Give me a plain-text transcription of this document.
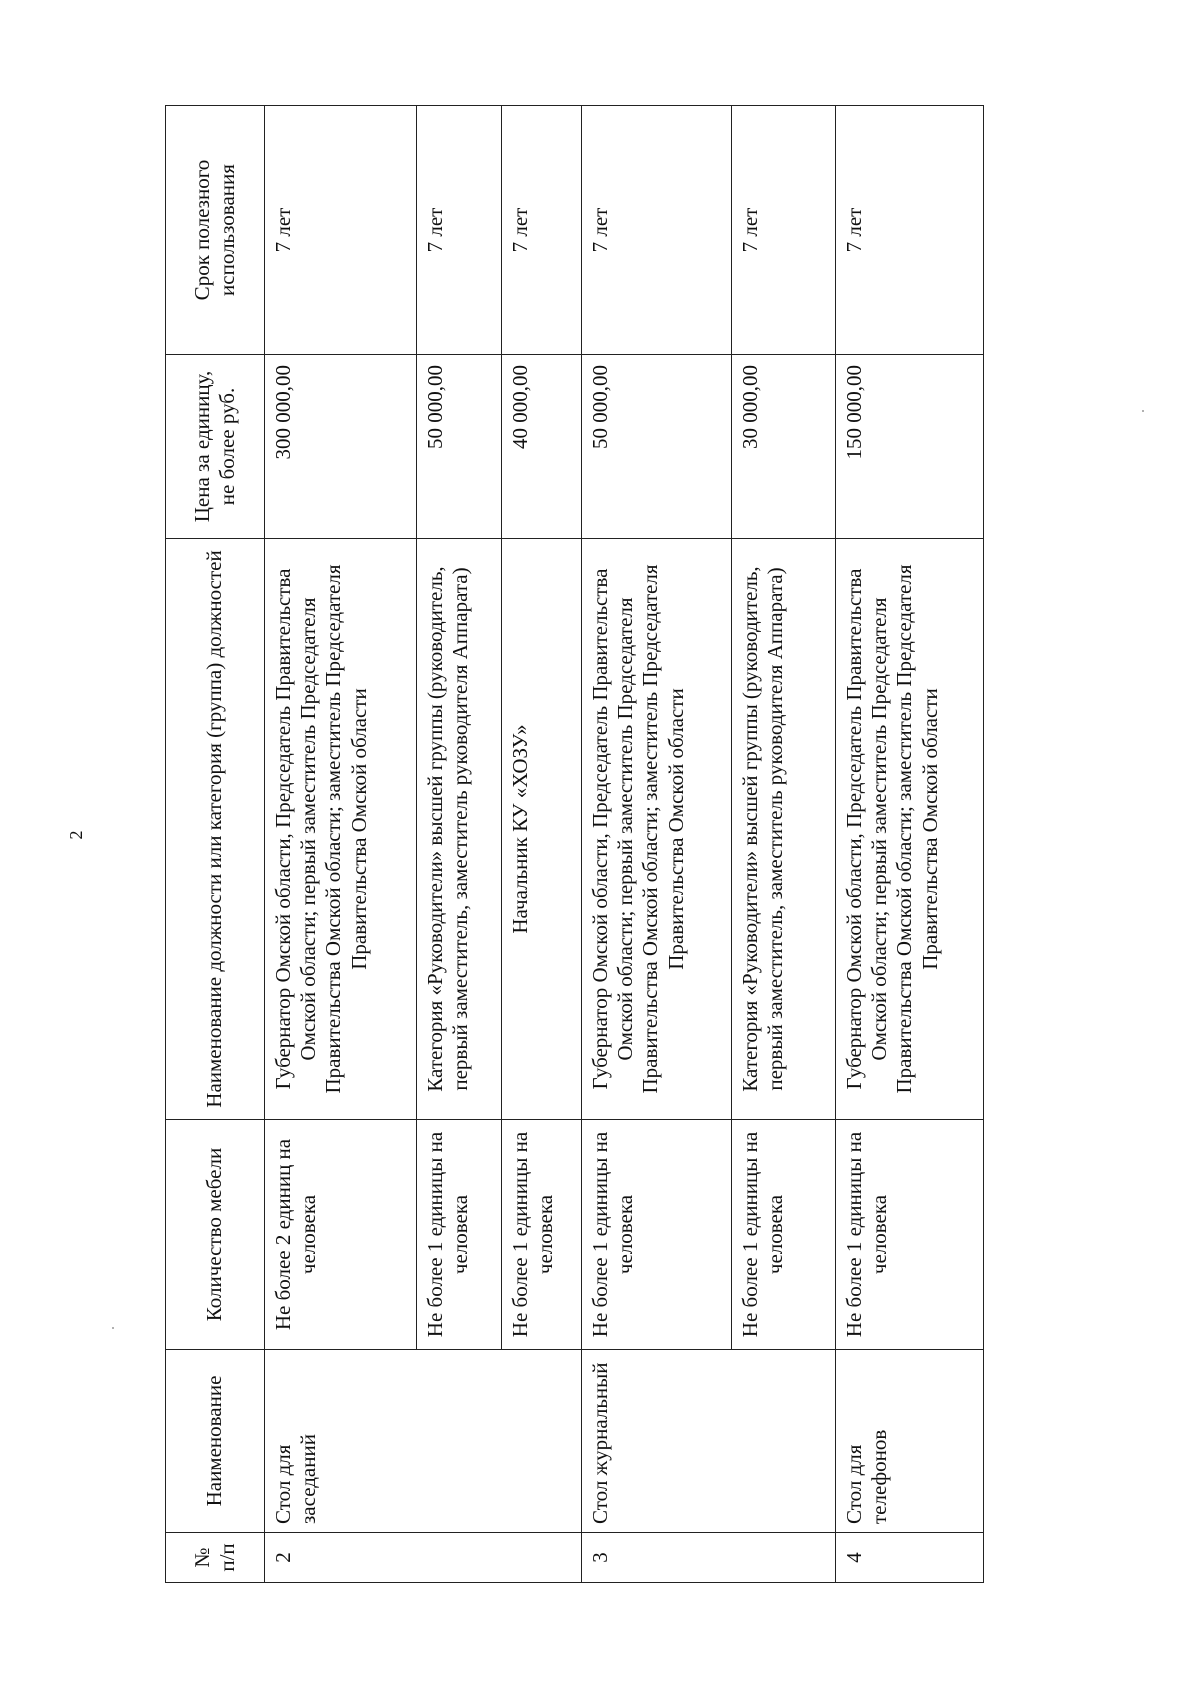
2
№ п/п	Наименование	Количество мебели	Наименование должности или категория (группа) должностей	Цена за единицу, не более руб.	Срок полезного использования
2	Стол для заседаний	Не более 2 единиц на человека	Губернатор Омской области, Председатель Правительства Омской области; первый заместитель Председателя Правительства Омской области; заместитель Председателя Правительства Омской области	300 000,00	7 лет
		Не более 1 единицы на человека	Категория «Руководители» высшей группы (руководитель, первый заместитель, заместитель руководителя Аппарата)	50 000,00	7 лет
		Не более 1 единицы на человека	Начальник КУ «ХОЗУ»	40 000,00	7 лет
3	Стол журнальный	Не более 1 единицы на человека	Губернатор Омской области, Председатель Правительства Омской области; первый заместитель Председателя Правительства Омской области; заместитель Председателя Правительства Омской области	50 000,00	7 лет
		Не более 1 единицы на человека	Категория «Руководители» высшей группы (руководитель, первый заместитель, заместитель руководителя Аппарата)	30 000,00	7 лет
4	Стол для телефонов	Не более 1 единицы на человека	Губернатор Омской области, Председатель Правительства Омской области; первый заместитель Председателя Правительства Омской области; заместитель Председателя Правительства Омской области	150 000,00	7 лет
